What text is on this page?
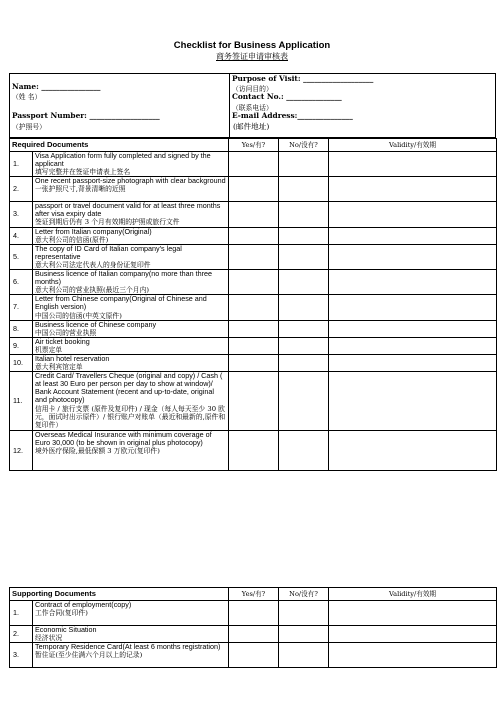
Checklist for Business Application
商务签证申请审核表
Name: ________________
（姓 名）
Passport Number: ___________________
（护照号）
Purpose of Visit: ___________________
（访问目的）
Contact No.: _______________
（联系电话）
E-mail Address:_______________
(邮件地址)
Required Documents		Yes/有?	No/没有?	Validity/有效期
1.	Visa Application form fully completed and signed by the applicant
填写完整并在签证申请表上签名			

2.	One recent passport-size photograph with clear background
一张护照尺寸,背景清晰的近照			

3.	passport or travel document valid for at least three months after visa expiry date
签证到期后仍有 3 个月有效期的护照或旅行文件			

4.	Letter from Italian company(Original)
意大利公司的信函(原件)			

5.	The copy of ID Card of Italian company's legal representative
意大利公司法定代表人的身份证复印件			

6.	Business licence of Italian company(no more than three months)
意大利公司的营业执照(最近三个月内)			

7.	Letter from Chinese company(Original of Chinese and English version)
中国公司的信函(中英文原件)			

8.	Business licence of Chinese company
中国公司的营业执照			

9.	Air ticket booking
机票定单			

10.	Italian hotel reservation
意大利宾馆定单			

11.	Credit Card/ Travellers Cheque (original and copy) / Cash ( at least 30 Euro per person per day to show at window)/ Bank Account Statement (recent and up-to-date, original and photocopy)
信用卡 / 旅行支票 (原件及复印件) / 现金（每人每天至少 30 欧元，面试时出示原件）/ 银行账户对账单（最近和最新的,原件和复印件）			

12.	Overseas Medical Insurance with minimum coverage of Euro 30,000 (to be shown in original plus photocopy)
境外医疗保险,最低保额 3 万欧元(复印件)			

Supporting Documents		Yes/有?	No/没有?	Validity/有效期
1.	Contract of employment(copy)
工作合同(复印件)			

2.	Economic Situation
经济状况			

3.	Temporary Residence Card(At least 6 months registration)
暂住证(至少住满六个月以上的记录)			
